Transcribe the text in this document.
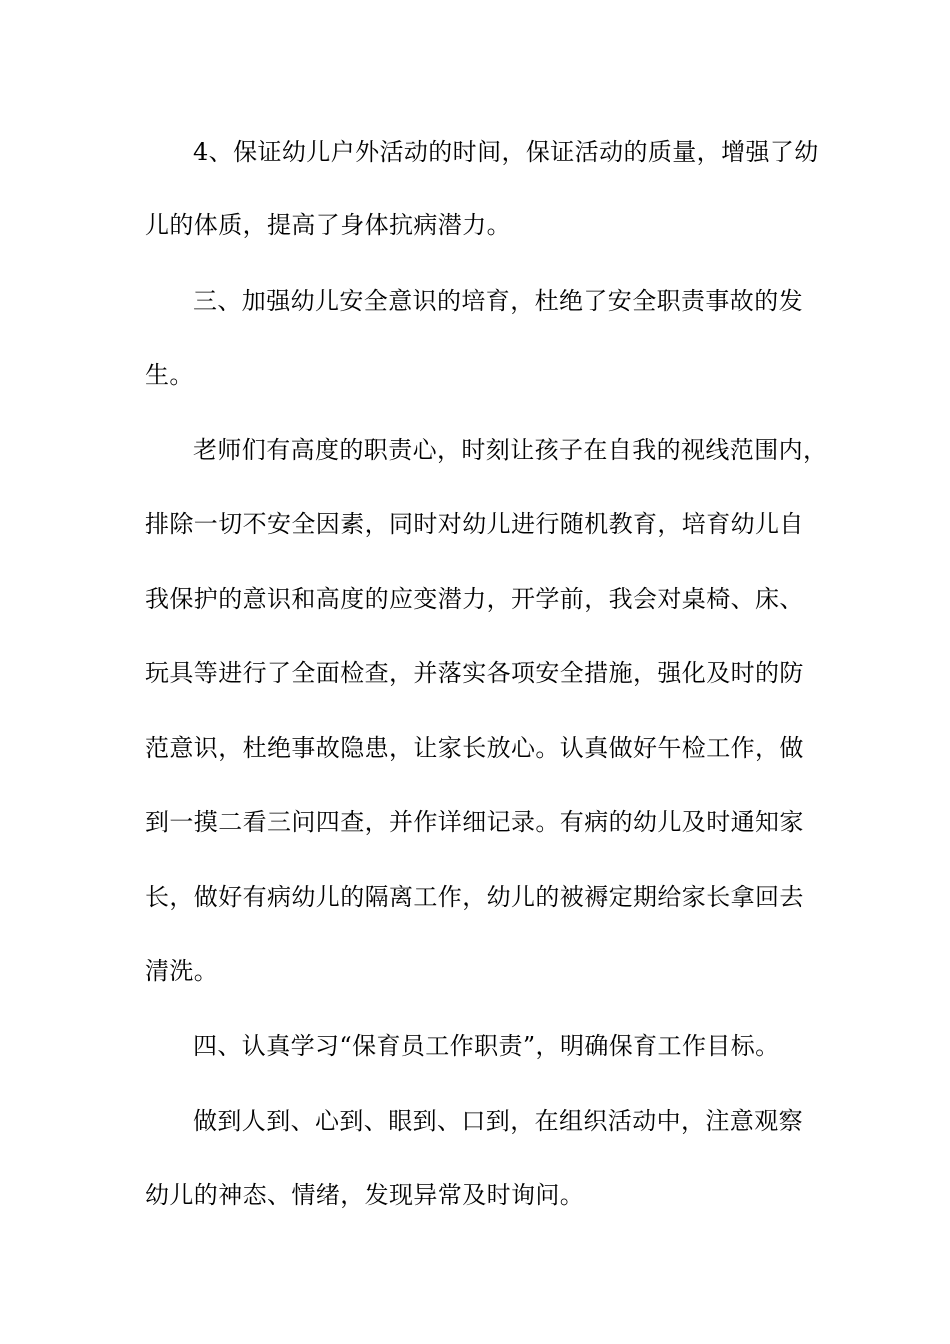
4、保证幼儿户外活动的时间，保证活动的质量，增强了幼
儿的体质，提高了身体抗病潜力。
三、加强幼儿安全意识的培育，杜绝了安全职责事故的发
生。
老师们有高度的职责心，时刻让孩子在自我的视线范围内，
排除一切不安全因素，同时对幼儿进行随机教育，培育幼儿自
我保护的意识和高度的应变潜力，开学前，我会对桌椅、床、
玩具等进行了全面检查，并落实各项安全措施，强化及时的防
范意识，杜绝事故隐患，让家长放心。认真做好午检工作，做
到一摸二看三问四查，并作详细记录。有病的幼儿及时通知家
长，做好有病幼儿的隔离工作，幼儿的被褥定期给家长拿回去
清洗。
四、认真学习“保育员工作职责”，明确保育工作目标。
做到人到、心到、眼到、口到，在组织活动中，注意观察
幼儿的神态、情绪，发现异常及时询问。
